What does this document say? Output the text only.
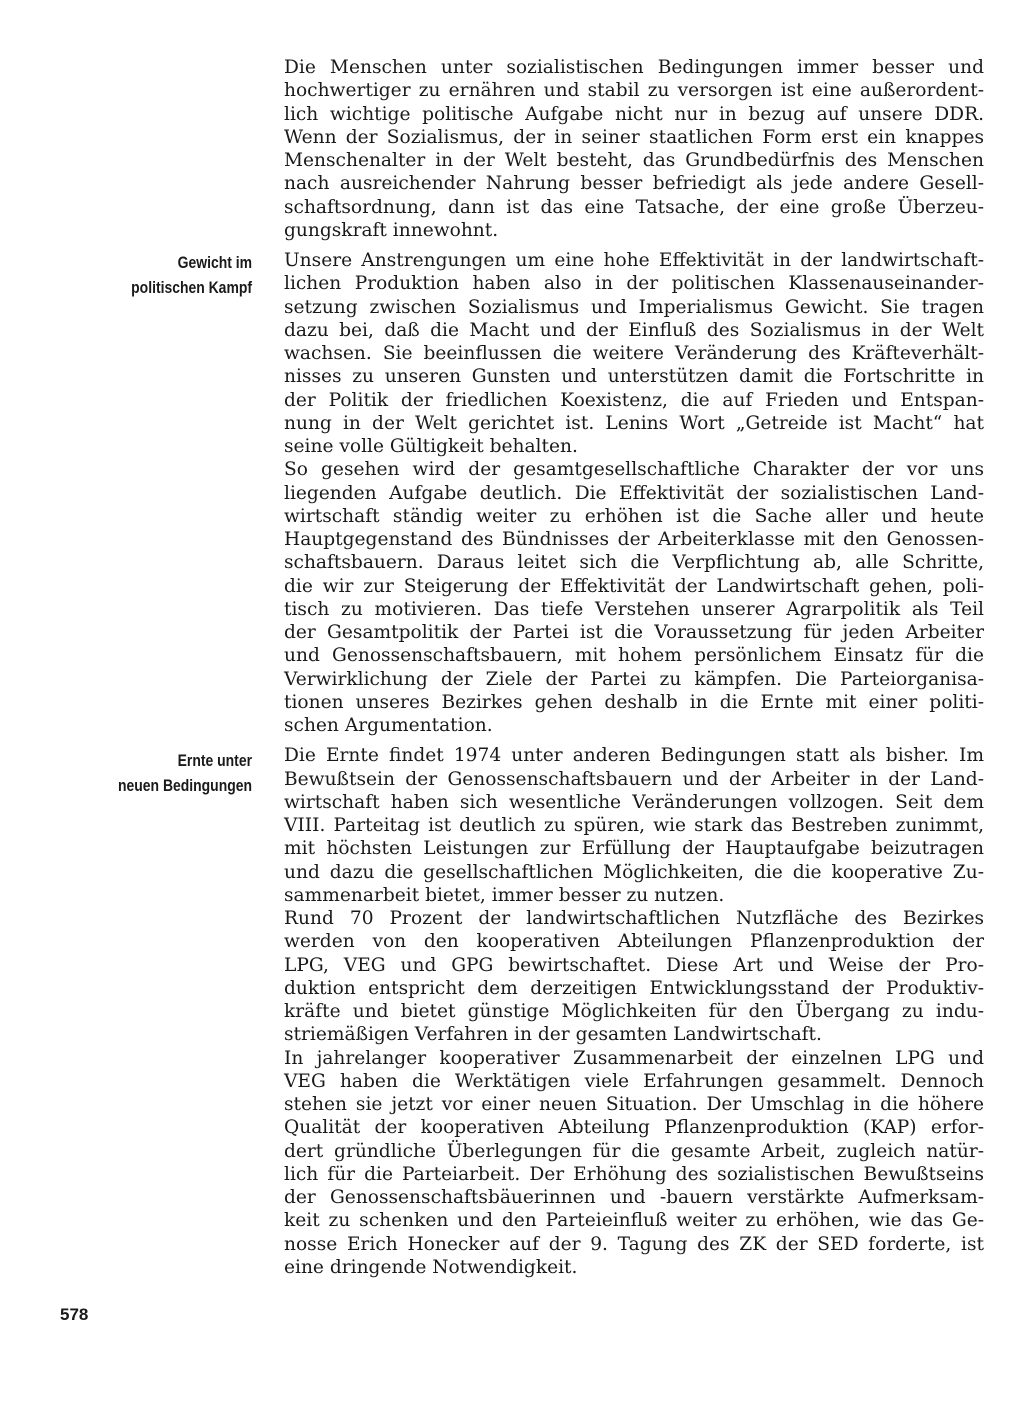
Gewicht im
politischen Kampf
Ernte unter
neuen Bedingungen
Die Menschen unter sozialistischen Bedingungen immer besser und
hochwertiger zu ernähren und stabil zu versorgen ist eine außerordent-
lich wichtige politische Aufgabe nicht nur in bezug auf unsere DDR.
Wenn der Sozialismus, der in seiner staatlichen Form erst ein knappes
Menschenalter in der Welt besteht, das Grundbedürfnis des Menschen
nach ausreichender Nahrung besser befriedigt als jede andere Gesell-
schaftsordnung, dann ist das eine Tatsache, der eine große Überzeu-
gungskraft innewohnt.
Unsere Anstrengungen um eine hohe Effektivität in der landwirtschaft-
lichen Produktion haben also in der politischen Klassenauseinander-
setzung zwischen Sozialismus und Imperialismus Gewicht. Sie tragen
dazu bei, daß die Macht und der Einfluß des Sozialismus in der Welt
wachsen. Sie beeinflussen die weitere Veränderung des Kräfteverhält-
nisses zu unseren Gunsten und unterstützen damit die Fortschritte in
der Politik der friedlichen Koexistenz, die auf Frieden und Entspan-
nung in der Welt gerichtet ist. Lenins Wort „Getreide ist Macht“ hat
seine volle Gültigkeit behalten.
So gesehen wird der gesamtgesellschaftliche Charakter der vor uns
liegenden Aufgabe deutlich. Die Effektivität der sozialistischen Land-
wirtschaft ständig weiter zu erhöhen ist die Sache aller und heute
Hauptgegenstand des Bündnisses der Arbeiterklasse mit den Genossen-
schaftsbauern. Daraus leitet sich die Verpflichtung ab, alle Schritte,
die wir zur Steigerung der Effektivität der Landwirtschaft gehen, poli-
tisch zu motivieren. Das tiefe Verstehen unserer Agrarpolitik als Teil
der Gesamtpolitik der Partei ist die Voraussetzung für jeden Arbeiter
und Genossenschaftsbauern, mit hohem persönlichem Einsatz für die
Verwirklichung der Ziele der Partei zu kämpfen. Die Parteiorganisa-
tionen unseres Bezirkes gehen deshalb in die Ernte mit einer politi-
schen Argumentation.
Die Ernte findet 1974 unter anderen Bedingungen statt als bisher. Im
Bewußtsein der Genossenschaftsbauern und der Arbeiter in der Land-
wirtschaft haben sich wesentliche Veränderungen vollzogen. Seit dem
VIII. Parteitag ist deutlich zu spüren, wie stark das Bestreben zunimmt,
mit höchsten Leistungen zur Erfüllung der Hauptaufgabe beizutragen
und dazu die gesellschaftlichen Möglichkeiten, die die kooperative Zu-
sammenarbeit bietet, immer besser zu nutzen.
Rund 70 Prozent der landwirtschaftlichen Nutzfläche des Bezirkes
werden von den kooperativen Abteilungen Pflanzenproduktion der
LPG, VEG und GPG bewirtschaftet. Diese Art und Weise der Pro-
duktion entspricht dem derzeitigen Entwicklungsstand der Produktiv-
kräfte und bietet günstige Möglichkeiten für den Übergang zu indu-
striemäßigen Verfahren in der gesamten Landwirtschaft.
In jahrelanger kooperativer Zusammenarbeit der einzelnen LPG und
VEG haben die Werktätigen viele Erfahrungen gesammelt. Dennoch
stehen sie jetzt vor einer neuen Situation. Der Umschlag in die höhere
Qualität der kooperativen Abteilung Pflanzenproduktion (KAP) erfor-
dert gründliche Überlegungen für die gesamte Arbeit, zugleich natür-
lich für die Parteiarbeit. Der Erhöhung des sozialistischen Bewußtseins
der Genossenschaftsbäuerinnen und -bauern verstärkte Aufmerksam-
keit zu schenken und den Parteieinfluß weiter zu erhöhen, wie das Ge-
nosse Erich Honecker auf der 9. Tagung des ZK der SED forderte, ist
eine dringende Notwendigkeit.
578
